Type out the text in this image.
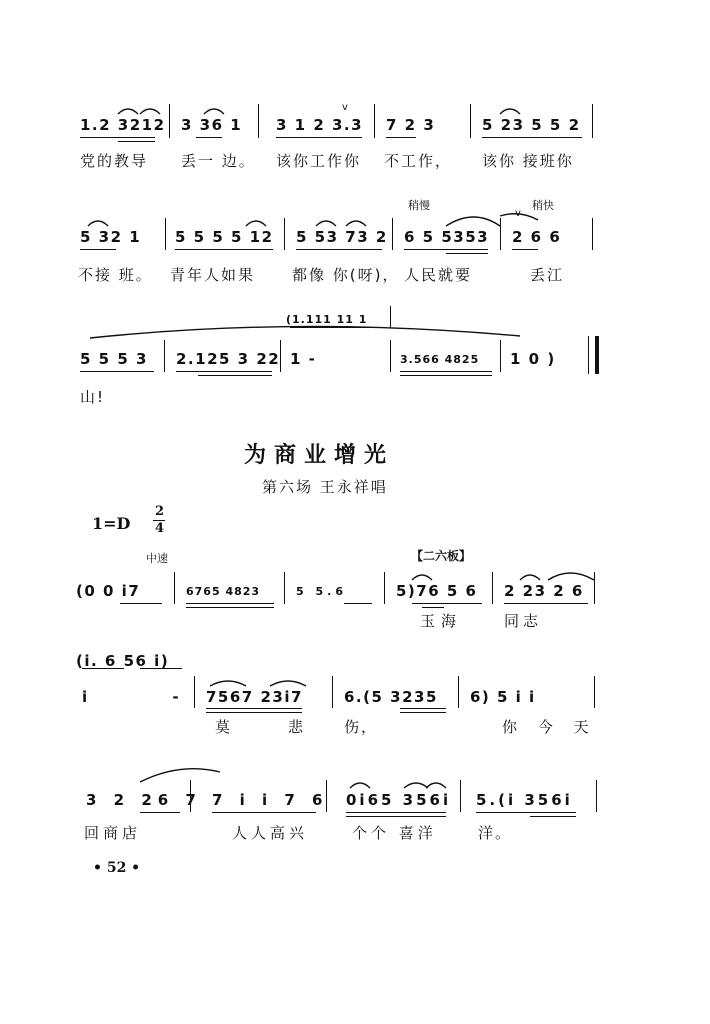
1.2 3212 3 36 1 3 1 2 3.3 7 2 3	5 23 5 5 2
党的教导 丢一 边。 该你工作你 不工作， 该你 接班你
稍慢	稍快
5 32 1 5 5 5 5 12 5 53 73 2 6 5 5353 2 6 6
不接 班。 青年人如果 都像 你(呀)， 人民就要	丢江
(1.111 11 1
5 5 5 3 2.125 3 22 1 -	3.566 4825 1 0 )
山!
为商业增光
第六场 王永祥唱
1=D
2
4
中速	【二六板】
(0 0 i7	6765 4823	5 5.6	5)76 5 6 2 23 2 6
玉海	同志
(i. 6 56 i)
i -
7567 23i7	6.(5 3235 6) 5 i i
莫	悲	伤，	你 今 天
3 2 26 7 7 i i 7 6 0i65 356i 5.(i 356i
回商店	人人高兴	个个 喜洋	洋。
v
v
• 52 •
